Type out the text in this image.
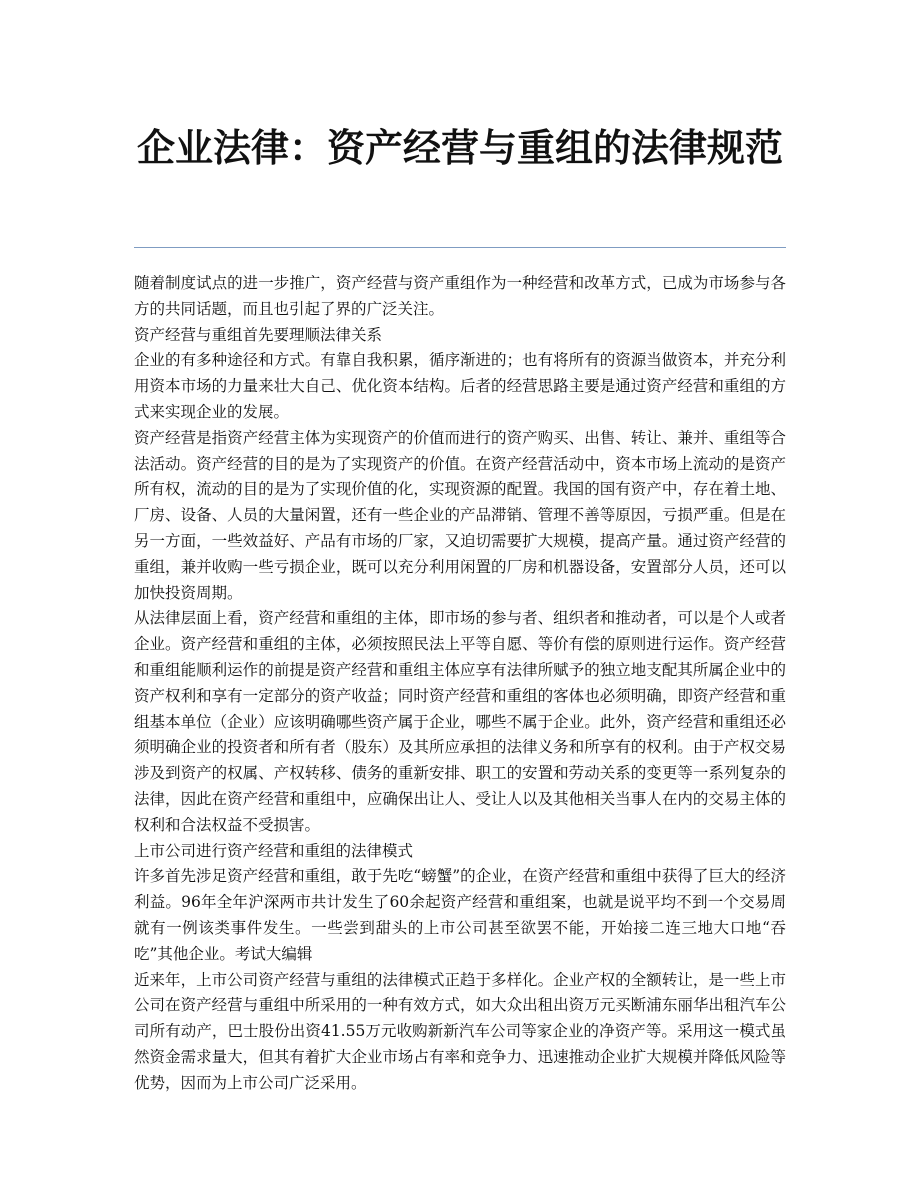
企业法律：资产经营与重组的法律规范

随着制度试点的进一步推广，资产经营与资产重组作为一种经营和改革方式，已成为市场参与各方的共同话题，而且也引起了界的广泛关注。

资产经营与重组首先要理顺法律关系

企业的有多种途径和方式。有靠自我积累，循序渐进的；也有将所有的资源当做资本，并充分利用资本市场的力量来壮大自己、优化资本结构。后者的经营思路主要是通过资产经营和重组的方式来实现企业的发展。

资产经营是指资产经营主体为实现资产的价值而进行的资产购买、出售、转让、兼并、重组等合法活动。资产经营的目的是为了实现资产的价值。在资产经营活动中，资本市场上流动的是资产所有权，流动的目的是为了实现价值的化，实现资源的配置。我国的国有资产中，存在着土地、厂房、设备、人员的大量闲置，还有一些企业的产品滞销、管理不善等原因，亏损严重。但是在另一方面，一些效益好、产品有市场的厂家，又迫切需要扩大规模，提高产量。通过资产经营的重组，兼并收购一些亏损企业，既可以充分利用闲置的厂房和机器设备，安置部分人员，还可以加快投资周期。

从法律层面上看，资产经营和重组的主体，即市场的参与者、组织者和推动者，可以是个人或者企业。资产经营和重组的主体，必须按照民法上平等自愿、等价有偿的原则进行运作。资产经营和重组能顺利运作的前提是资产经营和重组主体应享有法律所赋予的独立地支配其所属企业中的资产权利和享有一定部分的资产收益；同时资产经营和重组的客体也必须明确，即资产经营和重组基本单位（企业）应该明确哪些资产属于企业，哪些不属于企业。此外，资产经营和重组还必须明确企业的投资者和所有者（股东）及其所应承担的法律义务和所享有的权利。由于产权交易涉及到资产的权属、产权转移、债务的重新安排、职工的安置和劳动关系的变更等一系列复杂的法律，因此在资产经营和重组中，应确保出让人、受让人以及其他相关当事人在内的交易主体的权利和合法权益不受损害。

上市公司进行资产经营和重组的法律模式

许多首先涉足资产经营和重组，敢于先吃“螃蟹”的企业，在资产经营和重组中获得了巨大的经济利益。96年全年沪深两市共计发生了60余起资产经营和重组案，也就是说平均不到一个交易周就有一例该类事件发生。一些尝到甜头的上市公司甚至欲罢不能，开始接二连三地大口地“吞吃”其他企业。考试大编辑

近来年，上市公司资产经营与重组的法律模式正趋于多样化。企业产权的全额转让，是一些上市公司在资产经营与重组中所采用的一种有效方式，如大众出租出资万元买断浦东丽华出租汽车公司所有动产，巴士股份出资41.55万元收购新新汽车公司等家企业的净资产等。采用这一模式虽然资金需求量大，但其有着扩大企业市场占有率和竞争力、迅速推动企业扩大规模并降低风险等优势，因而为上市公司广泛采用。
